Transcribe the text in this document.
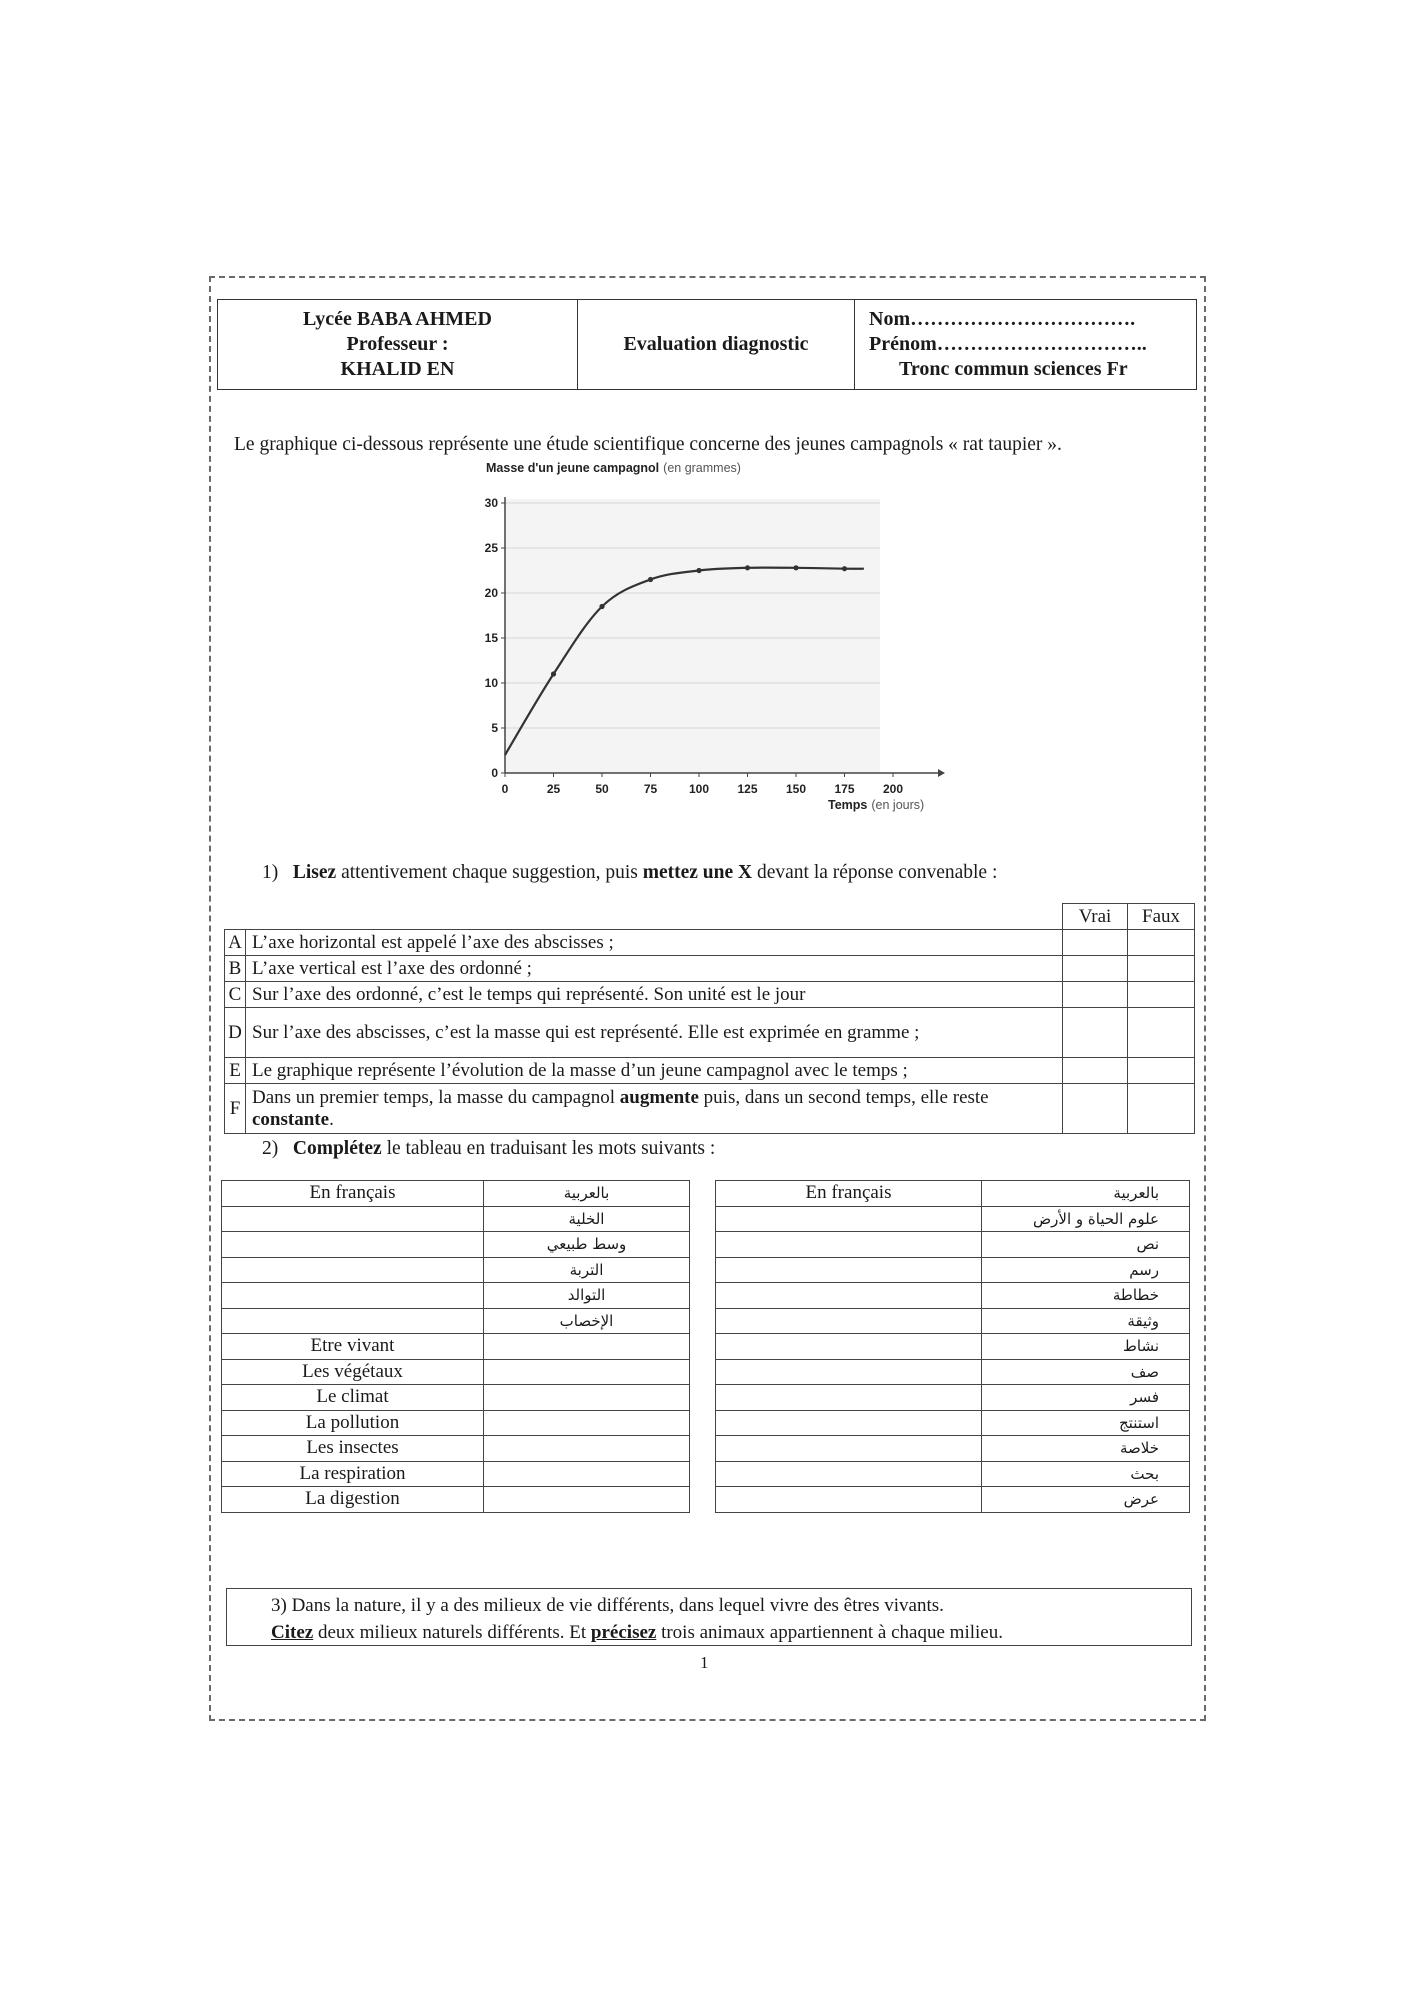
Lycée BABA AHMED
Professeur :
KHALID EN
Evaluation diagnostic
Nom…………………………….
Prénom…………………………..
Tronc commun sciences Fr
Le graphique ci-dessous représente une étude scientifique concerne des jeunes campagnols « rat taupier ».
0
5
10
15
20
25
30
0	25	50	75	100 125 150 175 200
Masse d'un jeune campagnol (en grammes)
Temps (en jours)
1) Lisez attentivement chaque suggestion, puis mettez une X devant la réponse convenable :
		Vrai	Faux
A	L’axe horizontal est appelé l’axe des abscisses ;		
B	L’axe vertical est l’axe des ordonné ;		
C	Sur l’axe des ordonné, c’est le temps qui représenté. Son unité est le jour		
D	Sur l’axe des abscisses, c’est la masse qui est représenté. Elle est exprimée en gramme ;		
E	Le graphique représente l’évolution de la masse d’un jeune campagnol avec le temps ;		
F	Dans un premier temps, la masse du campagnol augmente puis, dans un second temps, elle reste constante.		
2) Complétez le tableau en traduisant les mots suivants :
En français	بالعربية
	الخلية
	وسط طبيعي
	التربة
	التوالد
	الإخصاب
Etre vivant	
Les végétaux	
Le climat	
La pollution	
Les insectes	
La respiration	
La digestion	
En français	بالعربية
	علوم الحياة و الأرض
	نص
	رسم
	خطاطة
	وثيقة
	نشاط
	صف
	فسر
	استنتج
	خلاصة
	بحث
	عرض
3) Dans la nature, il y a des milieux de vie différents, dans lequel vivre des êtres vivants.
Citez deux milieux naturels différents. Et précisez trois animaux appartiennent à chaque milieu.
1
